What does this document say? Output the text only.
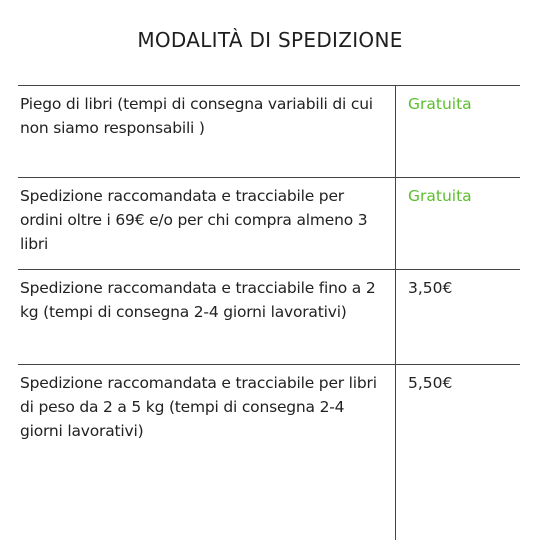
MODALITÀ DI SPEDIZIONE
Piego di libri (tempi di consegna variabili di cui non siamo responsabili )
Gratuita
Spedizione raccomandata e tracciabile per ordini oltre i 69€ e/o per chi compra almeno 3 libri
Gratuita
Spedizione raccomandata e tracciabile fino a 2 kg (tempi di consegna 2-4 giorni lavorativi)
3,50€
Spedizione raccomandata e tracciabile per libri di peso da 2 a 5 kg (tempi di consegna 2-4 giorni lavorativi)
5,50€
